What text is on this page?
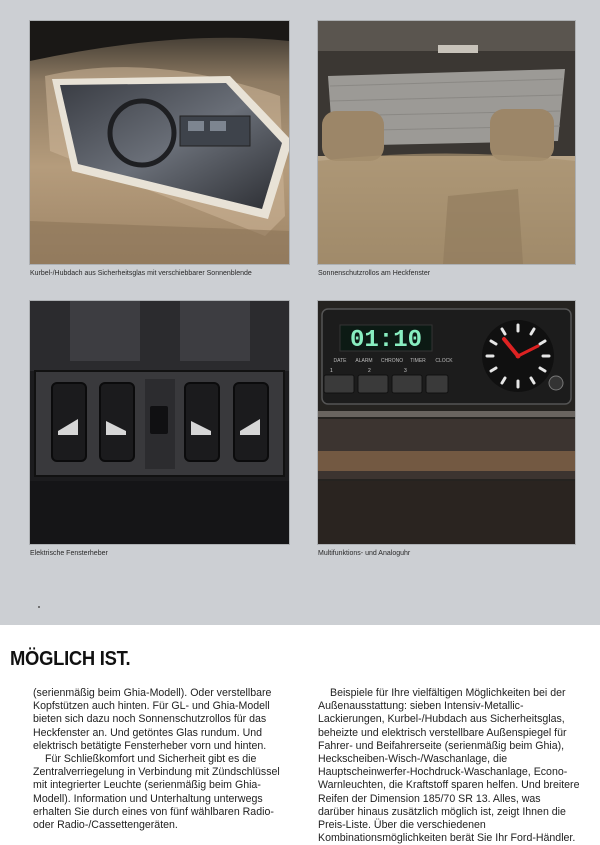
Kurbel-/Hubdach aus Sicherheitsglas mit verschiebbarer Sonnenblende	Sonnenschutzrollos am Heckfenster
Elektrische Fensterheber
01:10
DATE ALARM CHRONO TIMER CLOCK
1	2	3
Multifunktions- und Analoguhr
MÖGLICH IST.

(serienmäßig beim Ghia-Modell). Oder verstellbare Kopfstützen auch hinten. Für GL- und Ghia-Modell bieten sich dazu noch Sonnenschutzrollos für das Heckfenster an. Und getöntes Glas rundum. Und elektrisch betätigte Fensterheber vorn und hinten.

Für Schließkomfort und Sicherheit gibt es die Zentralverriegelung in Verbindung mit Zündschlüssel mit integrierter Leuchte (serienmäßig beim Ghia-Modell). Information und Unterhaltung unterwegs erhalten Sie durch eines von fünf wählbaren Radio- oder Radio-/Cassettengeräten.

Beispiele für Ihre vielfältigen Möglichkeiten bei der Außenausstattung: sieben Intensiv-Metallic-Lackierungen, Kurbel-/Hubdach aus Sicherheitsglas, beheizte und elektrisch verstellbare Außenspiegel für Fahrer- und Beifahrerseite (serienmäßig beim Ghia), Heckscheiben-Wisch-/Waschanlage, die Hauptscheinwerfer-Hochdruck-Waschanlage, Econo-Warnleuchten, die Kraftstoff sparen helfen. Und breitere Reifen der Dimension 185/70 SR 13. Alles, was darüber hinaus zusätzlich möglich ist, zeigt Ihnen die Preis-Liste. Über die verschiedenen Kombinationsmöglichkeiten berät Sie Ihr Ford-Händler.
